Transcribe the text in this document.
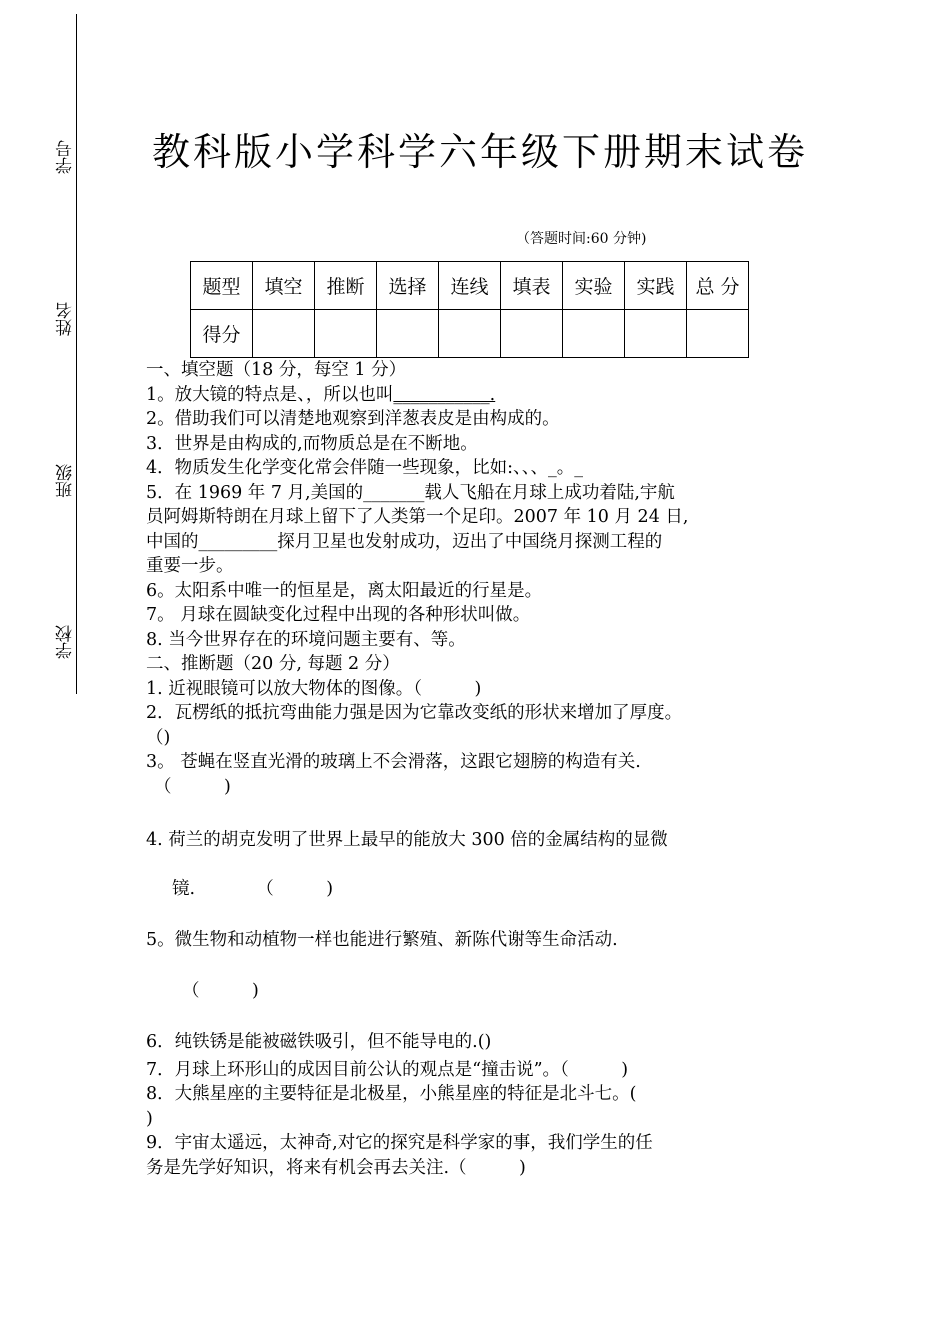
学号
姓名
班级
学校
教科版小学科学六年级下册期末试卷
（答题时间:60 分钟)
题型	填空	推断	选择	连线	填表	实验	实践	总 分
得分								

一、填空题（18 分，每空 1 分）

1。放大镜的特点是、，所以也叫___________.

2。借助我们可以清楚地观察到洋葱表皮是由构成的。

3．世界是由构成的,而物质总是在不断地。

4．物质发生化学变化常会伴随一些现象，比如:、、、_。_

5．在 1969 年 7 月,美国的_______载人飞船在月球上成功着陆,宇航

员阿姆斯特朗在月球上留下了人类第一个足印。2007 年 10 月 24 日,

中国的_________探月卫星也发射成功，迈出了中国绕月探测工程的

重要一步。

6。太阳系中唯一的恒星是，离太阳最近的行星是。

7。 月球在圆缺变化过程中出现的各种形状叫做。

8. 当今世界存在的环境问题主要有、等。

二、推断题（20 分, 每题 2 分）

1. 近视眼镜可以放大物体的图像。（　　　)

2．瓦楞纸的抵抗弯曲能力强是因为它靠改变纸的形状来增加了厚度。

（)

3。 苍蝇在竖直光滑的玻璃上不会滑落，这跟它翅膀的构造有关.

（　　　)

4. 荷兰的胡克发明了世界上最早的能放大 300 倍的金属结构的显微

镜.　　　　（　　　)

5。微生物和动植物一样也能进行繁殖、新陈代谢等生命活动.

（　　　)

6．纯铁锈是能被磁铁吸引，但不能导电的.()

7．月球上环形山的成因目前公认的观点是“撞击说”。（　　　)

8．大熊星座的主要特征是北极星，小熊星座的特征是北斗七。(

)

9．宇宙太遥远，太神奇,对它的探究是科学家的事，我们学生的任

务是先学好知识，将来有机会再去关注.（　　　)
